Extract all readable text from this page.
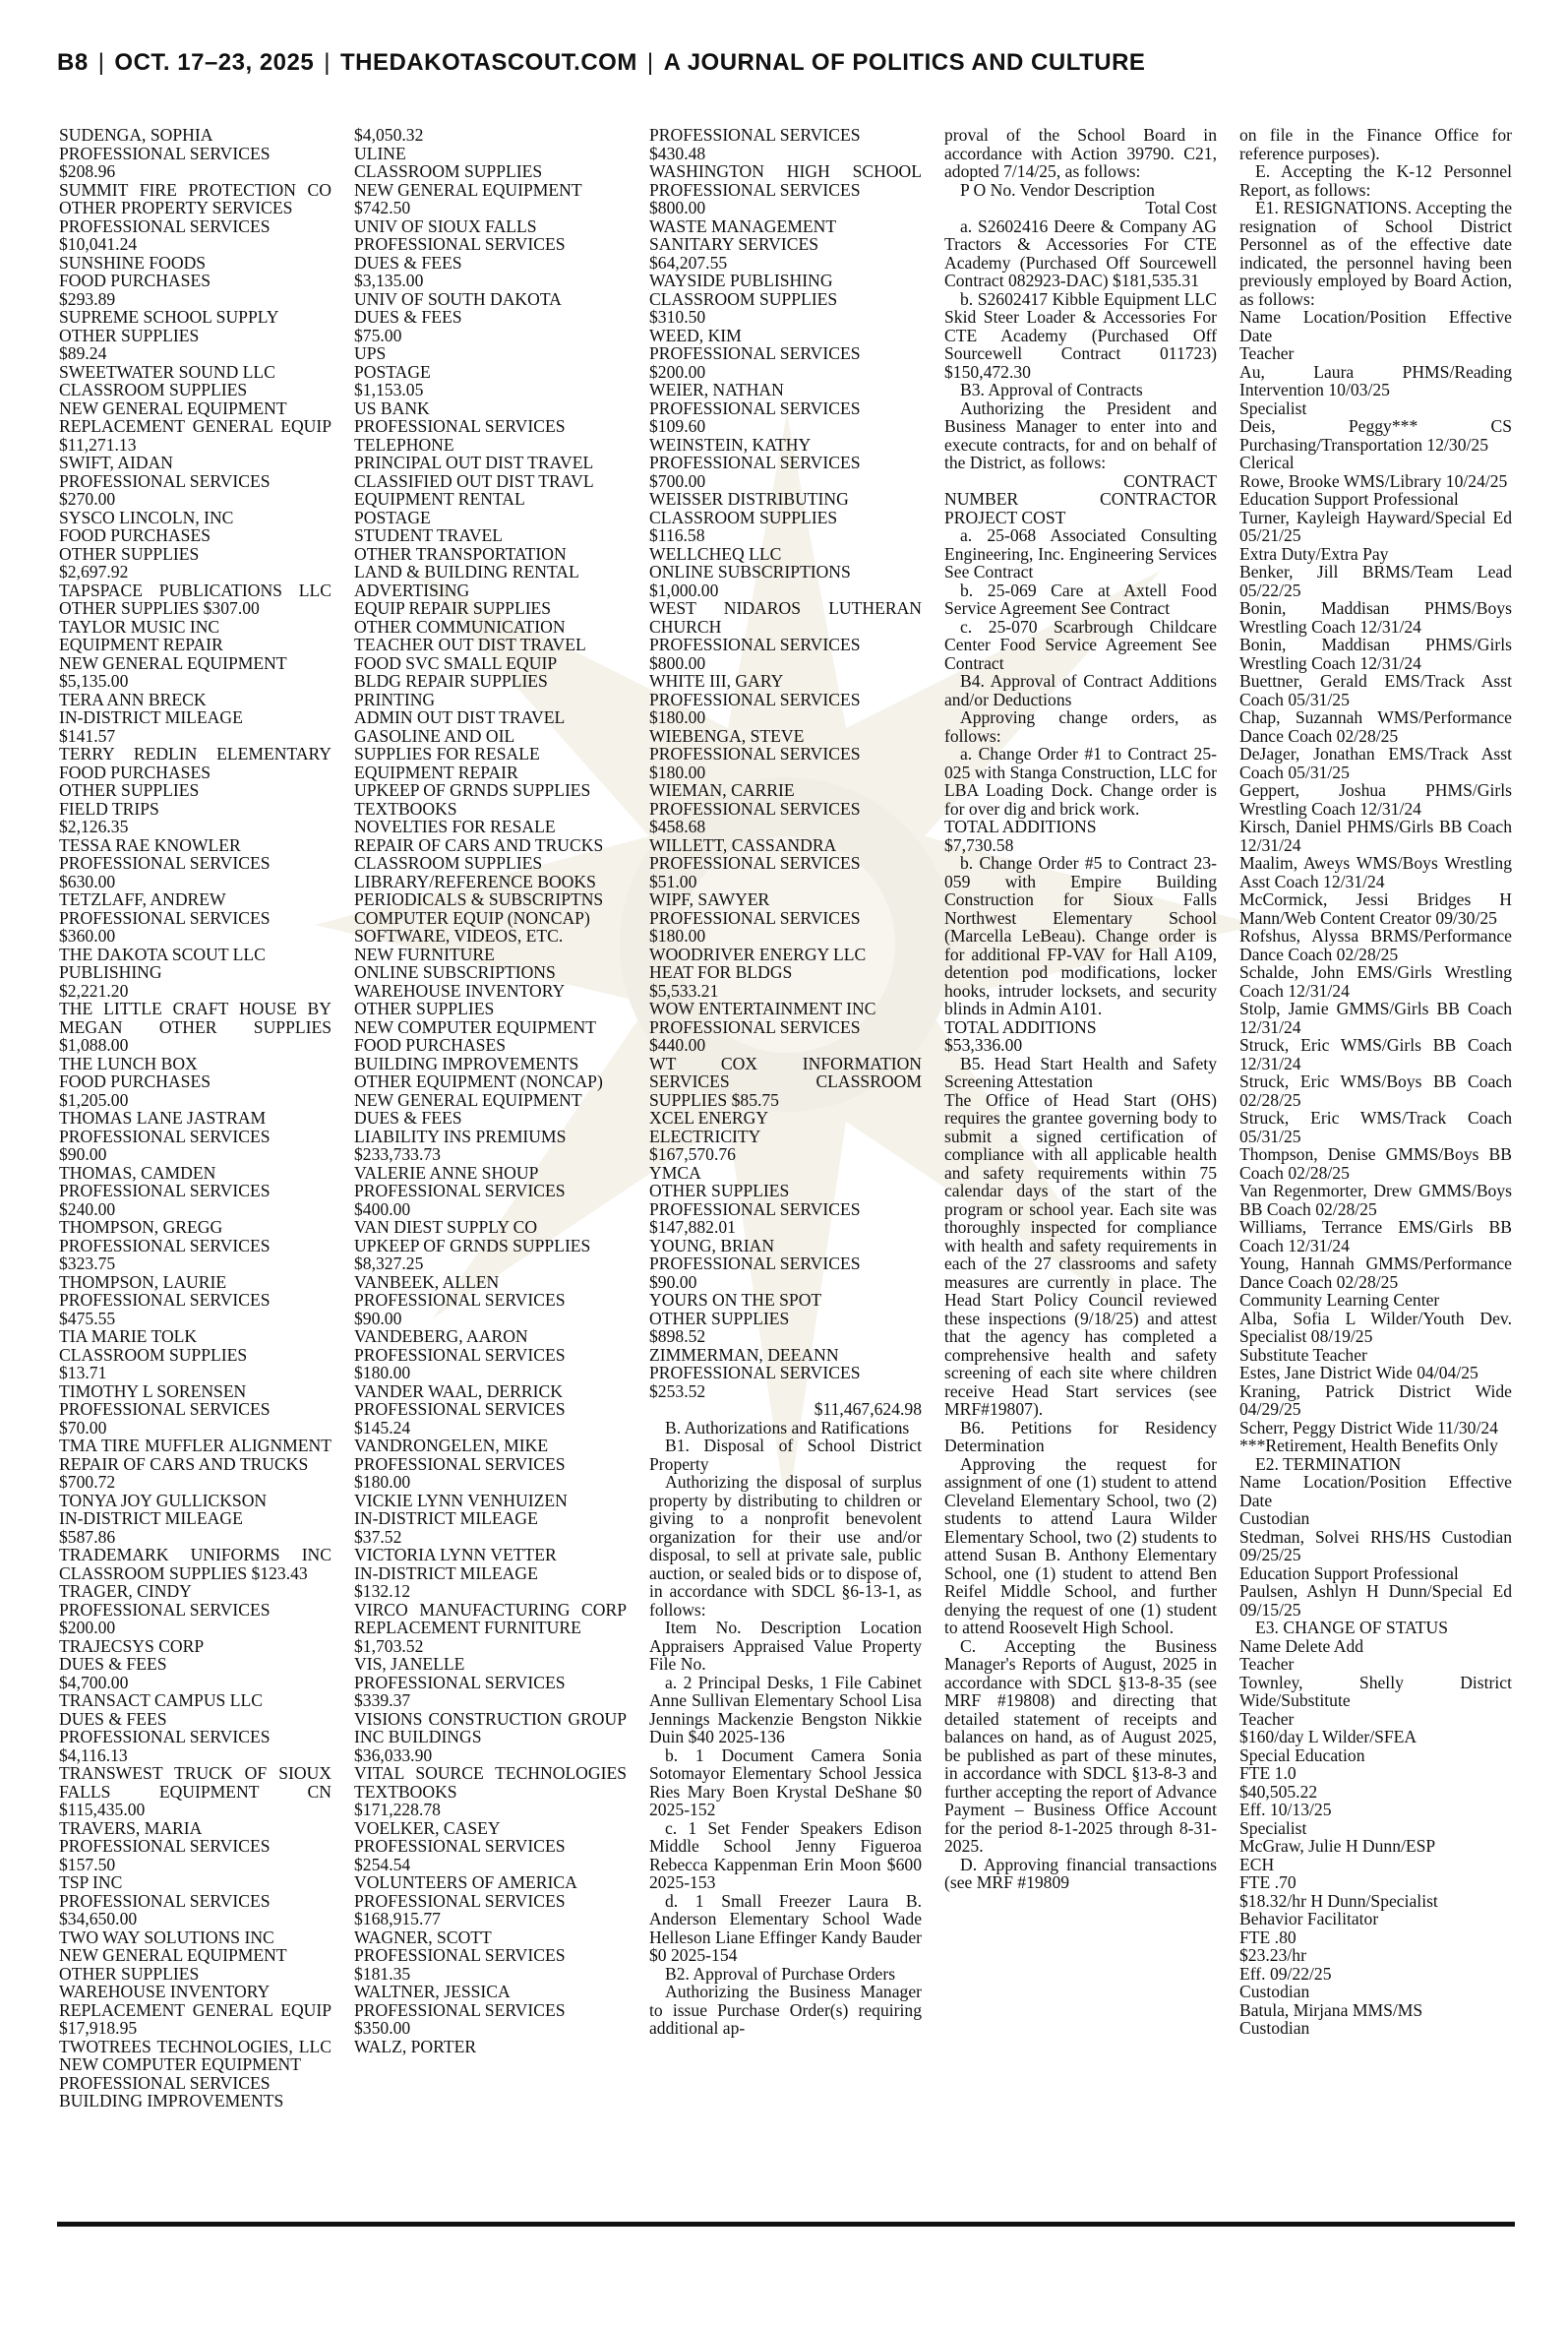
B8 | OCT. 17–23, 2025 | THEDAKOTASCOUT.COM | A JOURNAL OF POLITICS AND CULTURE

SUDENGA, SOPHIA

PROFESSIONAL SERVICES

$208.96

SUMMIT FIRE PROTECTION CO OTHER PROPERTY SERVICES

PROFESSIONAL SERVICES

$10,041.24

SUNSHINE FOODS

FOOD PURCHASES

$293.89

SUPREME SCHOOL SUPPLY

OTHER SUPPLIES

$89.24

SWEETWATER SOUND LLC

CLASSROOM SUPPLIES

NEW GENERAL EQUIPMENT

REPLACEMENT GENERAL EQUIP $11,271.13

SWIFT, AIDAN

PROFESSIONAL SERVICES

$270.00

SYSCO LINCOLN, INC

FOOD PURCHASES

OTHER SUPPLIES

$2,697.92

TAPSPACE PUBLICATIONS LLC OTHER SUPPLIES $307.00

TAYLOR MUSIC INC

EQUIPMENT REPAIR

NEW GENERAL EQUIPMENT

$5,135.00

TERA ANN BRECK

IN-DISTRICT MILEAGE

$141.57

TERRY REDLIN ELEMENTARY FOOD PURCHASES

OTHER SUPPLIES

FIELD TRIPS

$2,126.35

TESSA RAE KNOWLER

PROFESSIONAL SERVICES

$630.00

TETZLAFF, ANDREW

PROFESSIONAL SERVICES

$360.00

THE DAKOTA SCOUT LLC

PUBLISHING

$2,221.20

THE LITTLE CRAFT HOUSE BY MEGAN OTHER SUPPLIES $1,088.00

THE LUNCH BOX

FOOD PURCHASES

$1,205.00

THOMAS LANE JASTRAM

PROFESSIONAL SERVICES

$90.00

THOMAS, CAMDEN

PROFESSIONAL SERVICES

$240.00

THOMPSON, GREGG

PROFESSIONAL SERVICES

$323.75

THOMPSON, LAURIE

PROFESSIONAL SERVICES

$475.55

TIA MARIE TOLK

CLASSROOM SUPPLIES

$13.71

TIMOTHY L SORENSEN

PROFESSIONAL SERVICES

$70.00

TMA TIRE MUFFLER ALIGNMENT REPAIR OF CARS AND TRUCKS

$700.72

TONYA JOY GULLICKSON

IN-DISTRICT MILEAGE

$587.86

TRADEMARK UNIFORMS INC CLASSROOM SUPPLIES $123.43

TRAGER, CINDY

PROFESSIONAL SERVICES

$200.00

TRAJECSYS CORP

DUES & FEES

$4,700.00

TRANSACT CAMPUS LLC

DUES & FEES

PROFESSIONAL SERVICES

$4,116.13

TRANSWEST TRUCK OF SIOUX FALLS EQUIPMENT CN $115,435.00

TRAVERS, MARIA

PROFESSIONAL SERVICES

$157.50

TSP INC

PROFESSIONAL SERVICES

$34,650.00

TWO WAY SOLUTIONS INC

NEW GENERAL EQUIPMENT

OTHER SUPPLIES

WAREHOUSE INVENTORY

REPLACEMENT GENERAL EQUIP $17,918.95

TWOTREES TECHNOLOGIES, LLC NEW COMPUTER EQUIPMENT

PROFESSIONAL SERVICES

BUILDING IMPROVEMENTS

$4,050.32

ULINE

CLASSROOM SUPPLIES

NEW GENERAL EQUIPMENT

$742.50

UNIV OF SIOUX FALLS

PROFESSIONAL SERVICES

DUES & FEES

$3,135.00

UNIV OF SOUTH DAKOTA

DUES & FEES

$75.00

UPS

POSTAGE

$1,153.05

US BANK

PROFESSIONAL SERVICES

TELEPHONE

PRINCIPAL OUT DIST TRAVEL

CLASSIFIED OUT DIST TRAVL

EQUIPMENT RENTAL

POSTAGE

STUDENT TRAVEL

OTHER TRANSPORTATION

LAND & BUILDING RENTAL

ADVERTISING

EQUIP REPAIR SUPPLIES

OTHER COMMUNICATION

TEACHER OUT DIST TRAVEL

FOOD SVC SMALL EQUIP

BLDG REPAIR SUPPLIES

PRINTING

ADMIN OUT DIST TRAVEL

GASOLINE AND OIL

SUPPLIES FOR RESALE

EQUIPMENT REPAIR

UPKEEP OF GRNDS SUPPLIES

TEXTBOOKS

NOVELTIES FOR RESALE

REPAIR OF CARS AND TRUCKS

CLASSROOM SUPPLIES

LIBRARY/REFERENCE BOOKS

PERIODICALS & SUBSCRIPTNS

COMPUTER EQUIP (NONCAP)

SOFTWARE, VIDEOS, ETC.

NEW FURNITURE

ONLINE SUBSCRIPTIONS

WAREHOUSE INVENTORY

OTHER SUPPLIES

NEW COMPUTER EQUIPMENT

FOOD PURCHASES

BUILDING IMPROVEMENTS

OTHER EQUIPMENT (NONCAP)

NEW GENERAL EQUIPMENT

DUES & FEES

LIABILITY INS PREMIUMS

$233,733.73

VALERIE ANNE SHOUP

PROFESSIONAL SERVICES

$400.00

VAN DIEST SUPPLY CO

UPKEEP OF GRNDS SUPPLIES

$8,327.25

VANBEEK, ALLEN

PROFESSIONAL SERVICES

$90.00

VANDEBERG, AARON

PROFESSIONAL SERVICES

$180.00

VANDER WAAL, DERRICK

PROFESSIONAL SERVICES

$145.24

VANDRONGELEN, MIKE

PROFESSIONAL SERVICES

$180.00

VICKIE LYNN VENHUIZEN

IN-DISTRICT MILEAGE

$37.52

VICTORIA LYNN VETTER

IN-DISTRICT MILEAGE

$132.12

VIRCO MANUFACTURING CORP REPLACEMENT FURNITURE

$1,703.52

VIS, JANELLE

PROFESSIONAL SERVICES

$339.37

VISIONS CONSTRUCTION GROUP INC BUILDINGS

$36,033.90

VITAL SOURCE TECHNOLOGIES TEXTBOOKS

$171,228.78

VOELKER, CASEY

PROFESSIONAL SERVICES

$254.54

VOLUNTEERS OF AMERICA

PROFESSIONAL SERVICES

$168,915.77

WAGNER, SCOTT

PROFESSIONAL SERVICES

$181.35

WALTNER, JESSICA

PROFESSIONAL SERVICES

$350.00

WALZ, PORTER

PROFESSIONAL SERVICES

$430.48

WASHINGTON HIGH SCHOOL PROFESSIONAL SERVICES

$800.00

WASTE MANAGEMENT

SANITARY SERVICES

$64,207.55

WAYSIDE PUBLISHING

CLASSROOM SUPPLIES

$310.50

WEED, KIM

PROFESSIONAL SERVICES

$200.00

WEIER, NATHAN

PROFESSIONAL SERVICES

$109.60

WEINSTEIN, KATHY

PROFESSIONAL SERVICES

$700.00

WEISSER DISTRIBUTING

CLASSROOM SUPPLIES

$116.58

WELLCHEQ LLC

ONLINE SUBSCRIPTIONS

$1,000.00

WEST NIDAROS LUTHERAN CHURCH

PROFESSIONAL SERVICES

$800.00

WHITE III, GARY

PROFESSIONAL SERVICES

$180.00

WIEBENGA, STEVE

PROFESSIONAL SERVICES

$180.00

WIEMAN, CARRIE

PROFESSIONAL SERVICES

$458.68

WILLETT, CASSANDRA

PROFESSIONAL SERVICES

$51.00

WIPF, SAWYER

PROFESSIONAL SERVICES

$180.00

WOODRIVER ENERGY LLC

HEAT FOR BLDGS

$5,533.21

WOW ENTERTAINMENT INC

PROFESSIONAL SERVICES

$440.00

WT COX INFORMATION SERVICES CLASSROOM SUPPLIES $85.75

XCEL ENERGY

ELECTRICITY

$167,570.76

YMCA

OTHER SUPPLIES

PROFESSIONAL SERVICES

$147,882.01

YOUNG, BRIAN

PROFESSIONAL SERVICES

$90.00

YOURS ON THE SPOT

OTHER SUPPLIES

$898.52

ZIMMERMAN, DEEANN

PROFESSIONAL SERVICES

$253.52

$11,467,624.98

B. Authorizations and Ratifications

B1. Disposal of School District Property

Authorizing the disposal of surplus property by distributing to children or giving to a nonprofit benevolent organization for their use and/or disposal, to sell at private sale, public auction, or sealed bids or to dispose of, in accordance with SDCL §6-13-1, as follows:

Item No. Description Location Appraisers Appraised Value Property File No.

a. 2 Principal Desks, 1 File Cabinet Anne Sullivan Elementary School Lisa Jennings Mackenzie Bengston Nikkie Duin $40 2025-136

b. 1 Document Camera Sonia Sotomayor Elementary School Jessica Ries Mary Boen Krystal DeShane $0 2025-152

c. 1 Set Fender Speakers Edison Middle School Jenny Figueroa Rebecca Kappenman Erin Moon $600 2025-153

d. 1 Small Freezer Laura B. Anderson Elementary School Wade Helleson Liane Effinger Kandy Bauder $0 2025-154

B2. Approval of Purchase Orders

Authorizing the Business Manager to issue Purchase Order(s) requiring additional ap-

proval of the School Board in accordance with Action 39790. C21, adopted 7/14/25, as follows:

P O No. Vendor Description

Total Cost

a. S2602416 Deere & Company AG Tractors & Accessories For CTE Academy (Purchased Off Sourcewell Contract 082923-DAC) $181,535.31

b. S2602417 Kibble Equipment LLC Skid Steer Loader & Accessories For CTE Academy (Purchased Off Sourcewell Contract 011723) $150,472.30

B3. Approval of Contracts

Authorizing the President and Business Manager to enter into and execute contracts, for and on behalf of the District, as follows:

CONTRACT

NUMBER CONTRACTOR PROJECT COST

a. 25-068 Associated Consulting Engineering, Inc. Engineering Services See Contract

b. 25-069 Care at Axtell Food Service Agreement See Contract

c. 25-070 Scarbrough Childcare Center Food Service Agreement See Contract

B4. Approval of Contract Additions and/or Deductions

Approving change orders, as follows:

a. Change Order #1 to Contract 25-025 with Stanga Construction, LLC for LBA Loading Dock. Change order is for over dig and brick work.

TOTAL ADDITIONS

$7,730.58

b. Change Order #5 to Contract 23-059 with Empire Building Construction for Sioux Falls Northwest Elementary School (Marcella LeBeau). Change order is for additional FP-VAV for Hall A109, detention pod modifications, locker hooks, intruder locksets, and security blinds in Admin A101.

TOTAL ADDITIONS

$53,336.00

B5. Head Start Health and Safety Screening Attestation

The Office of Head Start (OHS) requires the grantee governing body to submit a signed certification of compliance with all applicable health and safety requirements within 75 calendar days of the start of the program or school year. Each site was thoroughly inspected for compliance with health and safety requirements in each of the 27 classrooms and safety measures are currently in place. The Head Start Policy Council reviewed these inspections (9/18/25) and attest that the agency has completed a comprehensive health and safety screening of each site where children receive Head Start services (see MRF#19807).

B6. Petitions for Residency Determination

Approving the request for assignment of one (1) student to attend Cleveland Elementary School, two (2) students to attend Laura Wilder Elementary School, two (2) students to attend Susan B. Anthony Elementary School, one (1) student to attend Ben Reifel Middle School, and further denying the request of one (1) student to attend Roosevelt High School.

C. Accepting the Business Manager's Reports of August, 2025 in accordance with SDCL §13-8-35 (see MRF #19808) and directing that detailed statement of receipts and balances on hand, as of August 2025, be published as part of these minutes, in accordance with SDCL §13-8-3 and further accepting the report of Advance Payment – Business Office Account for the period 8-1-2025 through 8-31-2025.

D. Approving financial transactions (see MRF #19809

on file in the Finance Office for reference purposes).

E. Accepting the K-12 Personnel Report, as follows:

E1. RESIGNATIONS. Accepting the resignation of School District Personnel as of the effective date indicated, the personnel having been previously employed by Board Action, as follows:

Name Location/Position Effective Date

Teacher

Au, Laura PHMS/Reading Intervention 10/03/25

Specialist

Deis, Peggy*** CS Purchasing/Transportation 12/30/25

Clerical

Rowe, Brooke WMS/Library 10/24/25

Education Support Professional

Turner, Kayleigh Hayward/Special Ed 05/21/25

Extra Duty/Extra Pay

Benker, Jill BRMS/Team Lead 05/22/25

Bonin, Maddisan PHMS/Boys Wrestling Coach 12/31/24

Bonin, Maddisan PHMS/Girls Wrestling Coach 12/31/24

Buettner, Gerald EMS/Track Asst Coach 05/31/25

Chap, Suzannah WMS/Performance Dance Coach 02/28/25

DeJager, Jonathan EMS/Track Asst Coach 05/31/25

Geppert, Joshua PHMS/Girls Wrestling Coach 12/31/24

Kirsch, Daniel PHMS/Girls BB Coach 12/31/24

Maalim, Aweys WMS/Boys Wrestling Asst Coach 12/31/24

McCormick, Jessi Bridges H Mann/Web Content Creator 09/30/25

Rofshus, Alyssa BRMS/Performance Dance Coach 02/28/25

Schalde, John EMS/Girls Wrestling Coach 12/31/24

Stolp, Jamie GMMS/Girls BB Coach 12/31/24

Struck, Eric WMS/Girls BB Coach 12/31/24

Struck, Eric WMS/Boys BB Coach 02/28/25

Struck, Eric WMS/Track Coach 05/31/25

Thompson, Denise GMMS/Boys BB Coach 02/28/25

Van Regenmorter, Drew GMMS/Boys BB Coach 02/28/25

Williams, Terrance EMS/Girls BB Coach 12/31/24

Young, Hannah GMMS/Performance Dance Coach 02/28/25

Community Learning Center

Alba, Sofia L Wilder/Youth Dev. Specialist 08/19/25

Substitute Teacher

Estes, Jane District Wide 04/04/25

Kraning, Patrick District Wide 04/29/25

Scherr, Peggy District Wide 11/30/24

***Retirement, Health Benefits Only

E2. TERMINATION

Name Location/Position Effective Date

Custodian

Stedman, Solvei RHS/HS Custodian 09/25/25

Education Support Professional

Paulsen, Ashlyn H Dunn/Special Ed 09/15/25

E3. CHANGE OF STATUS

Name Delete Add

Teacher

Townley, Shelly District Wide/Substitute

Teacher

$160/day L Wilder/SFEA

Special Education

FTE 1.0

$40,505.22

Eff. 10/13/25

Specialist

McGraw, Julie H Dunn/ESP

ECH

FTE .70

$18.32/hr H Dunn/Specialist

Behavior Facilitator

FTE .80

$23.23/hr

Eff. 09/22/25

Custodian

Batula, Mirjana MMS/MS

Custodian
